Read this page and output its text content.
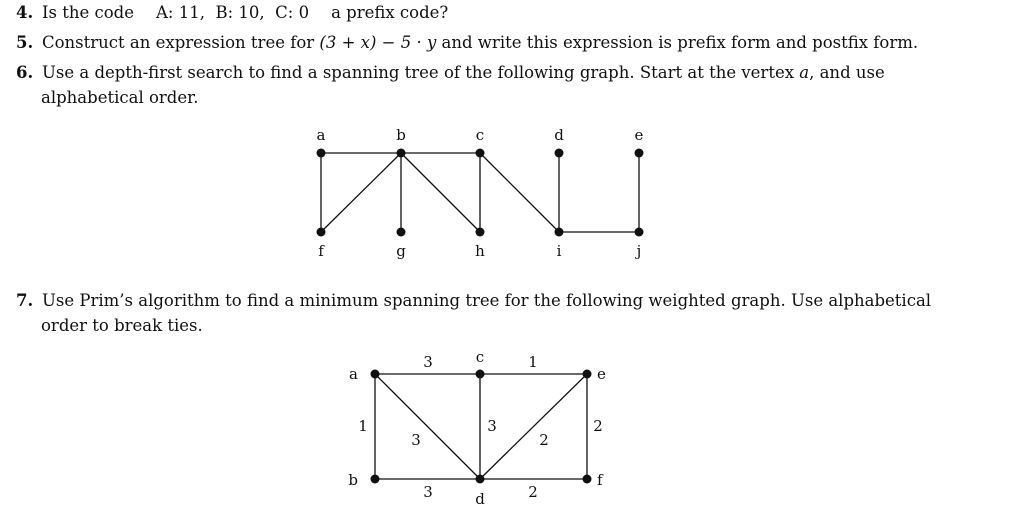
4. Is the code A: 11, B: 10, C: 0 a prefix code?
5. Construct an expression tree for (3 + x) − 5 · y and write this expression is prefix form and postfix form.
6. Use a depth-first search to find a spanning tree of the following graph. Start at the vertex a, and use
alphabetical order.
7. Use Prim’s algorithm to find a minimum spanning tree for the following weighted graph. Use alphabetical
order to break ties.
a	b	c	d	e
f	g	h	i	j
3	1
1
3
3
2
2
3	2
a
b
c
d
e
f
